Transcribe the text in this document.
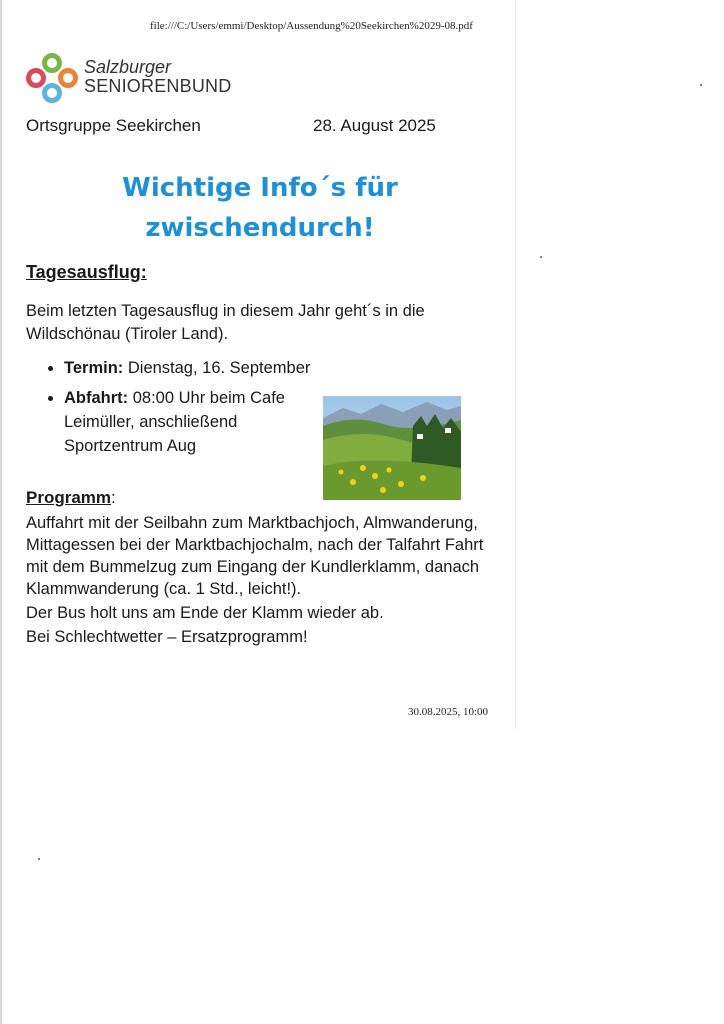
file:///C:/Users/emmi/Desktop/Aussendung%20Seekirchen%2029-08.pdf
Salzburger
SENIORENBUND
Ortsgruppe Seekirchen	28. August 2025
Wichtige Info´s für
zwischendurch!
Tagesausflug:
Beim letzten Tagesausflug in diesem Jahr geht´s in die Wildschönau (Tiroler Land).
• Termin: Dienstag, 16. September
• Abfahrt: 08:00 Uhr beim Cafe Leimüller, anschließend Sportzentrum Aug
Programm:

Auffahrt mit der Seilbahn zum Marktbachjoch, Almwanderung, Mittagessen bei der Marktbachjochalm, nach der Talfahrt Fahrt mit dem Bummelzug zum Eingang der Kundlerklamm, danach Klammwanderung (ca. 1 Std., leicht!).

Der Bus holt uns am Ende der Klamm wieder ab.

Bei Schlechtwetter – Ersatzprogramm!

30.08.2025, 10:00
